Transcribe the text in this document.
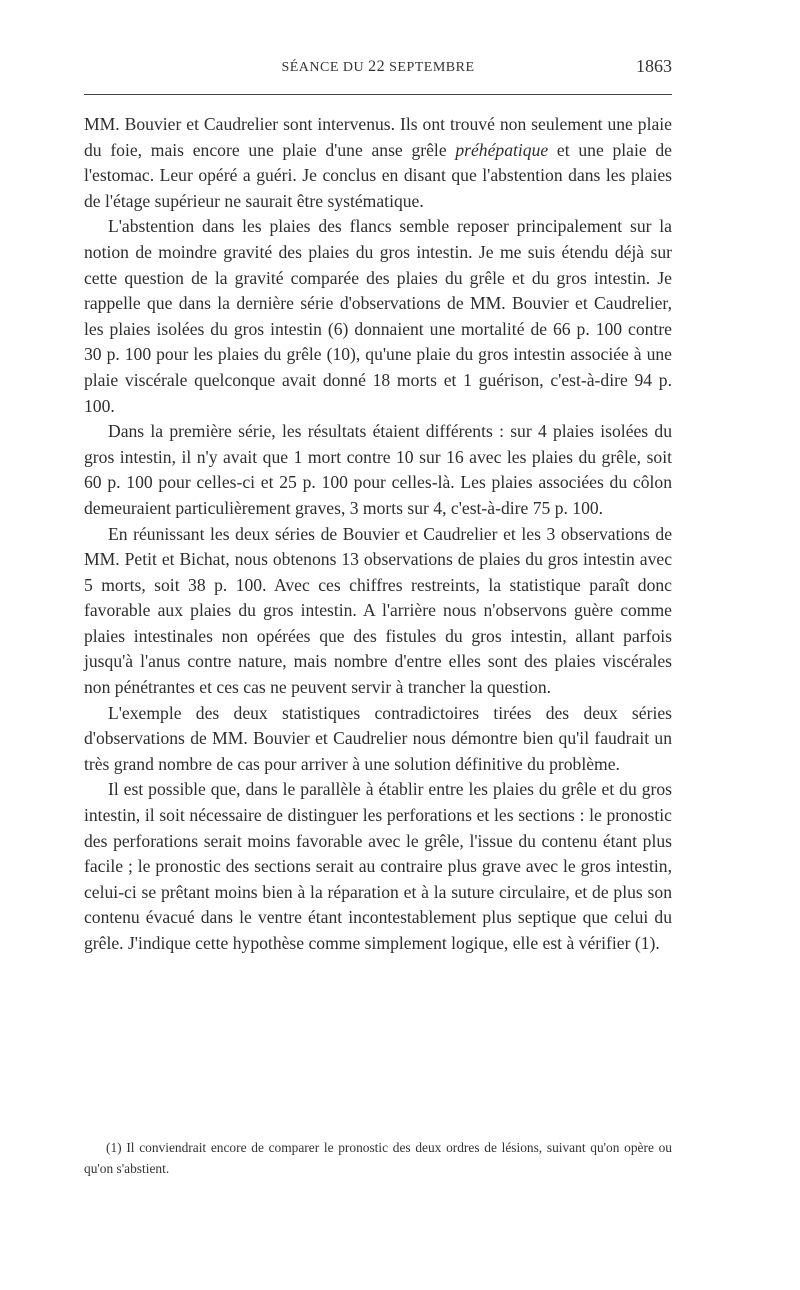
SÉANCE DU 22 SEPTEMBRE	1863

MM. Bouvier et Caudrelier sont intervenus. Ils ont trouvé non seulement une plaie du foie, mais encore une plaie d'une anse grêle préhépatique et une plaie de l'estomac. Leur opéré a guéri. Je conclus en disant que l'abstention dans les plaies de l'étage supérieur ne saurait être systématique.

L'abstention dans les plaies des flancs semble reposer principalement sur la notion de moindre gravité des plaies du gros intestin. Je me suis étendu déjà sur cette question de la gravité comparée des plaies du grêle et du gros intestin. Je rappelle que dans la dernière série d'observations de MM. Bouvier et Caudrelier, les plaies isolées du gros intestin (6) donnaient une mortalité de 66 p. 100 contre 30 p. 100 pour les plaies du grêle (10), qu'une plaie du gros intestin associée à une plaie viscérale quelconque avait donné 18 morts et 1 guérison, c'est-à-dire 94 p. 100.

Dans la première série, les résultats étaient différents : sur 4 plaies isolées du gros intestin, il n'y avait que 1 mort contre 10 sur 16 avec les plaies du grêle, soit 60 p. 100 pour celles-ci et 25 p. 100 pour celles-là. Les plaies associées du côlon demeuraient particulièrement graves, 3 morts sur 4, c'est-à-dire 75 p. 100.

En réunissant les deux séries de Bouvier et Caudrelier et les 3 observations de MM. Petit et Bichat, nous obtenons 13 observations de plaies du gros intestin avec 5 morts, soit 38 p. 100. Avec ces chiffres restreints, la statistique paraît donc favorable aux plaies du gros intestin. A l'arrière nous n'observons guère comme plaies intestinales non opérées que des fistules du gros intestin, allant parfois jusqu'à l'anus contre nature, mais nombre d'entre elles sont des plaies viscérales non pénétrantes et ces cas ne peuvent servir à trancher la question.

L'exemple des deux statistiques contradictoires tirées des deux séries d'observations de MM. Bouvier et Caudrelier nous démontre bien qu'il faudrait un très grand nombre de cas pour arriver à une solution définitive du problème.

Il est possible que, dans le parallèle à établir entre les plaies du grêle et du gros intestin, il soit nécessaire de distinguer les perforations et les sections : le pronostic des perforations serait moins favorable avec le grêle, l'issue du contenu étant plus facile ; le pronostic des sections serait au contraire plus grave avec le gros intestin, celui-ci se prêtant moins bien à la réparation et à la suture circulaire, et de plus son contenu évacué dans le ventre étant incontestablement plus septique que celui du grêle. J'indique cette hypothèse comme simplement logique, elle est à vérifier (1).

(1) Il conviendrait encore de comparer le pronostic des deux ordres de lésions, suivant qu'on opère ou qu'on s'abstient.
